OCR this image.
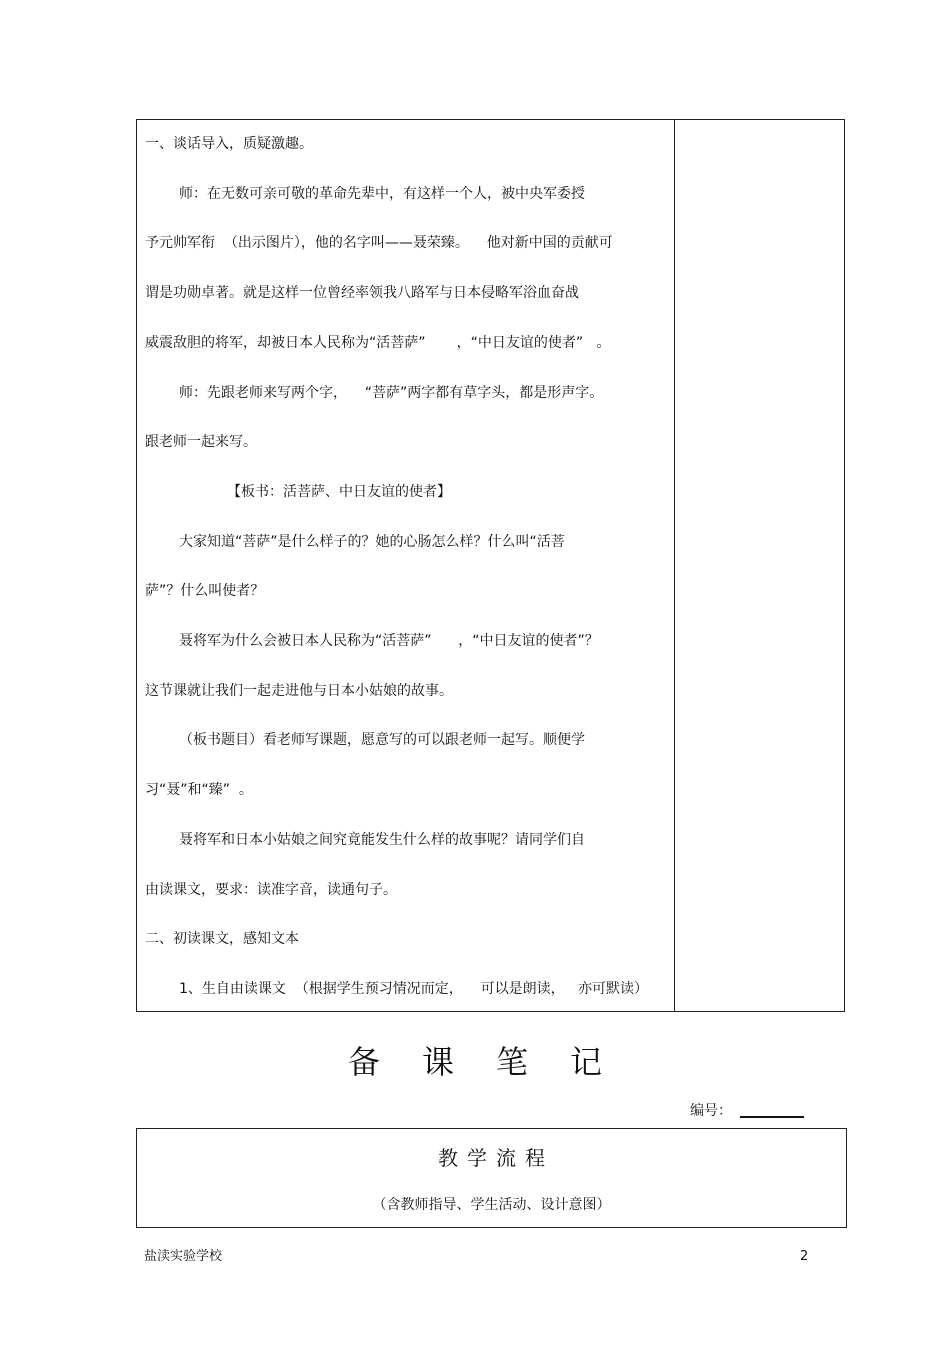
一、谈话导入，质疑激趣。
师：在无数可亲可敬的革命先辈中，有这样一个人，被中央军委授
予元帅军衔  （出示图片），他的名字叫——聂荣臻。    他对新中国的贡献可
谓是功勋卓著。就是这样一位曾经率领我八路军与日本侵略军浴血奋战
威震敌胆的将军，却被日本人民称为“活菩萨”       ，“中日友谊的使者”   。
师：先跟老师来写两个字，    “菩萨”两字都有草字头，都是形声字。
跟老师一起来写。
【板书：活菩萨、中日友谊的使者】
大家知道“菩萨”是什么样子的？她的心肠怎么样？什么叫“活菩
萨”？什么叫使者？
聂将军为什么会被日本人民称为“活菩萨”      ，“中日友谊的使者”？
这节课就让我们一起走进他与日本小姑娘的故事。
（板书题目）看老师写课题，愿意写的可以跟老师一起写。顺便学
习“聂”和“臻”  。
聂将军和日本小姑娘之间究竟能发生什么样的故事呢？请同学们自
由读课文，要求：读准字音，读通句子。
二、初读课文，感知文本
1、生自由读课文  （根据学生预习情况而定，    可以是朗读，   亦可默读）
备课笔记
编号：
教学流程
（含教师指导、学生活动、设计意图）
盐渎实验学校	2
